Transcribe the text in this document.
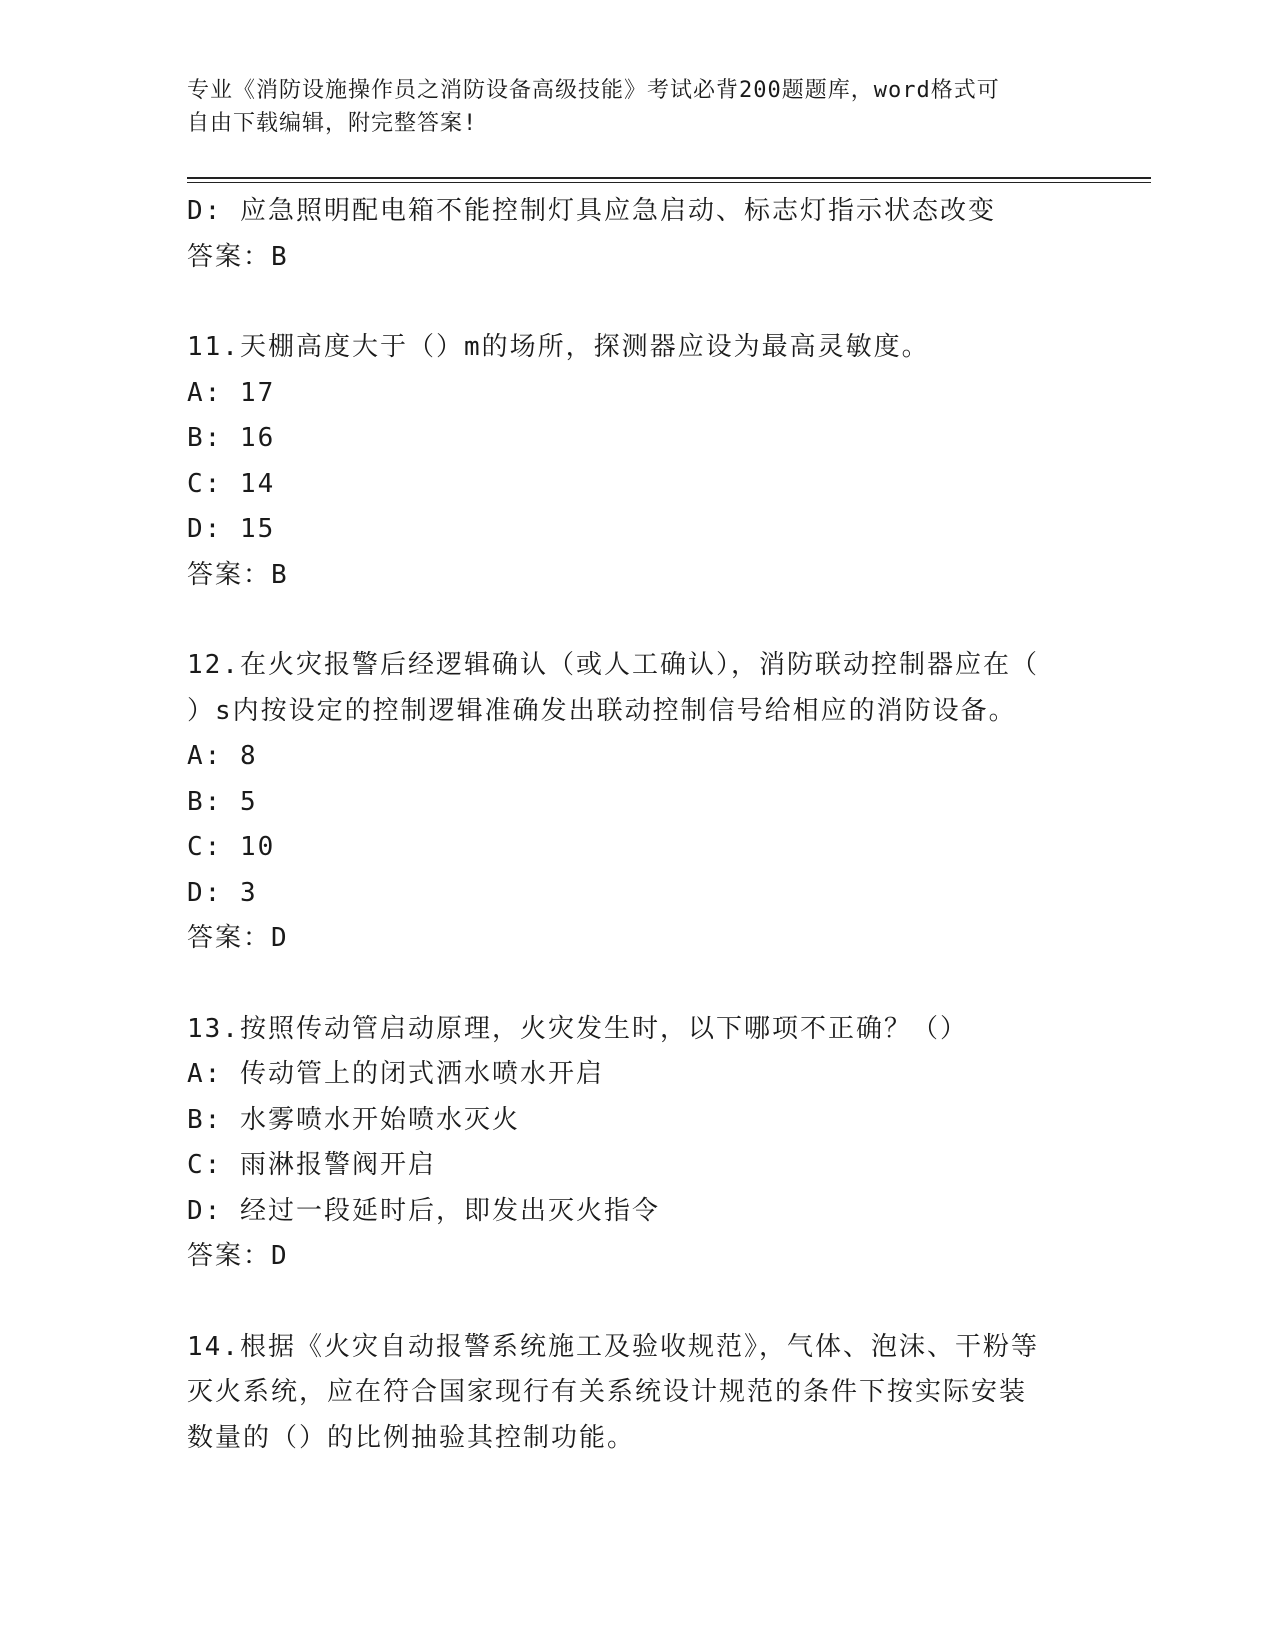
专业《消防设施操作员之消防设备高级技能》考试必背200题题库，word格式可
自由下载编辑，附完整答案!
D: 应急照明配电箱不能控制灯具应急启动、标志灯指示状态改变
答案：B
11.天棚高度大于（）m的场所，探测器应设为最高灵敏度。
A: 17
B: 16
C: 14
D: 15
答案：B
12.在火灾报警后经逻辑确认（或人工确认），消防联动控制器应在（
）s内按设定的控制逻辑准确发出联动控制信号给相应的消防设备。
A: 8
B: 5
C: 10
D: 3
答案：D
13.按照传动管启动原理，火灾发生时，以下哪项不正确？（）
A: 传动管上的闭式洒水喷水开启
B: 水雾喷水开始喷水灭火
C: 雨淋报警阀开启
D: 经过一段延时后，即发出灭火指令
答案：D
14.根据《火灾自动报警系统施工及验收规范》，气体、泡沫、干粉等
灭火系统，应在符合国家现行有关系统设计规范的条件下按实际安装
数量的（）的比例抽验其控制功能。
